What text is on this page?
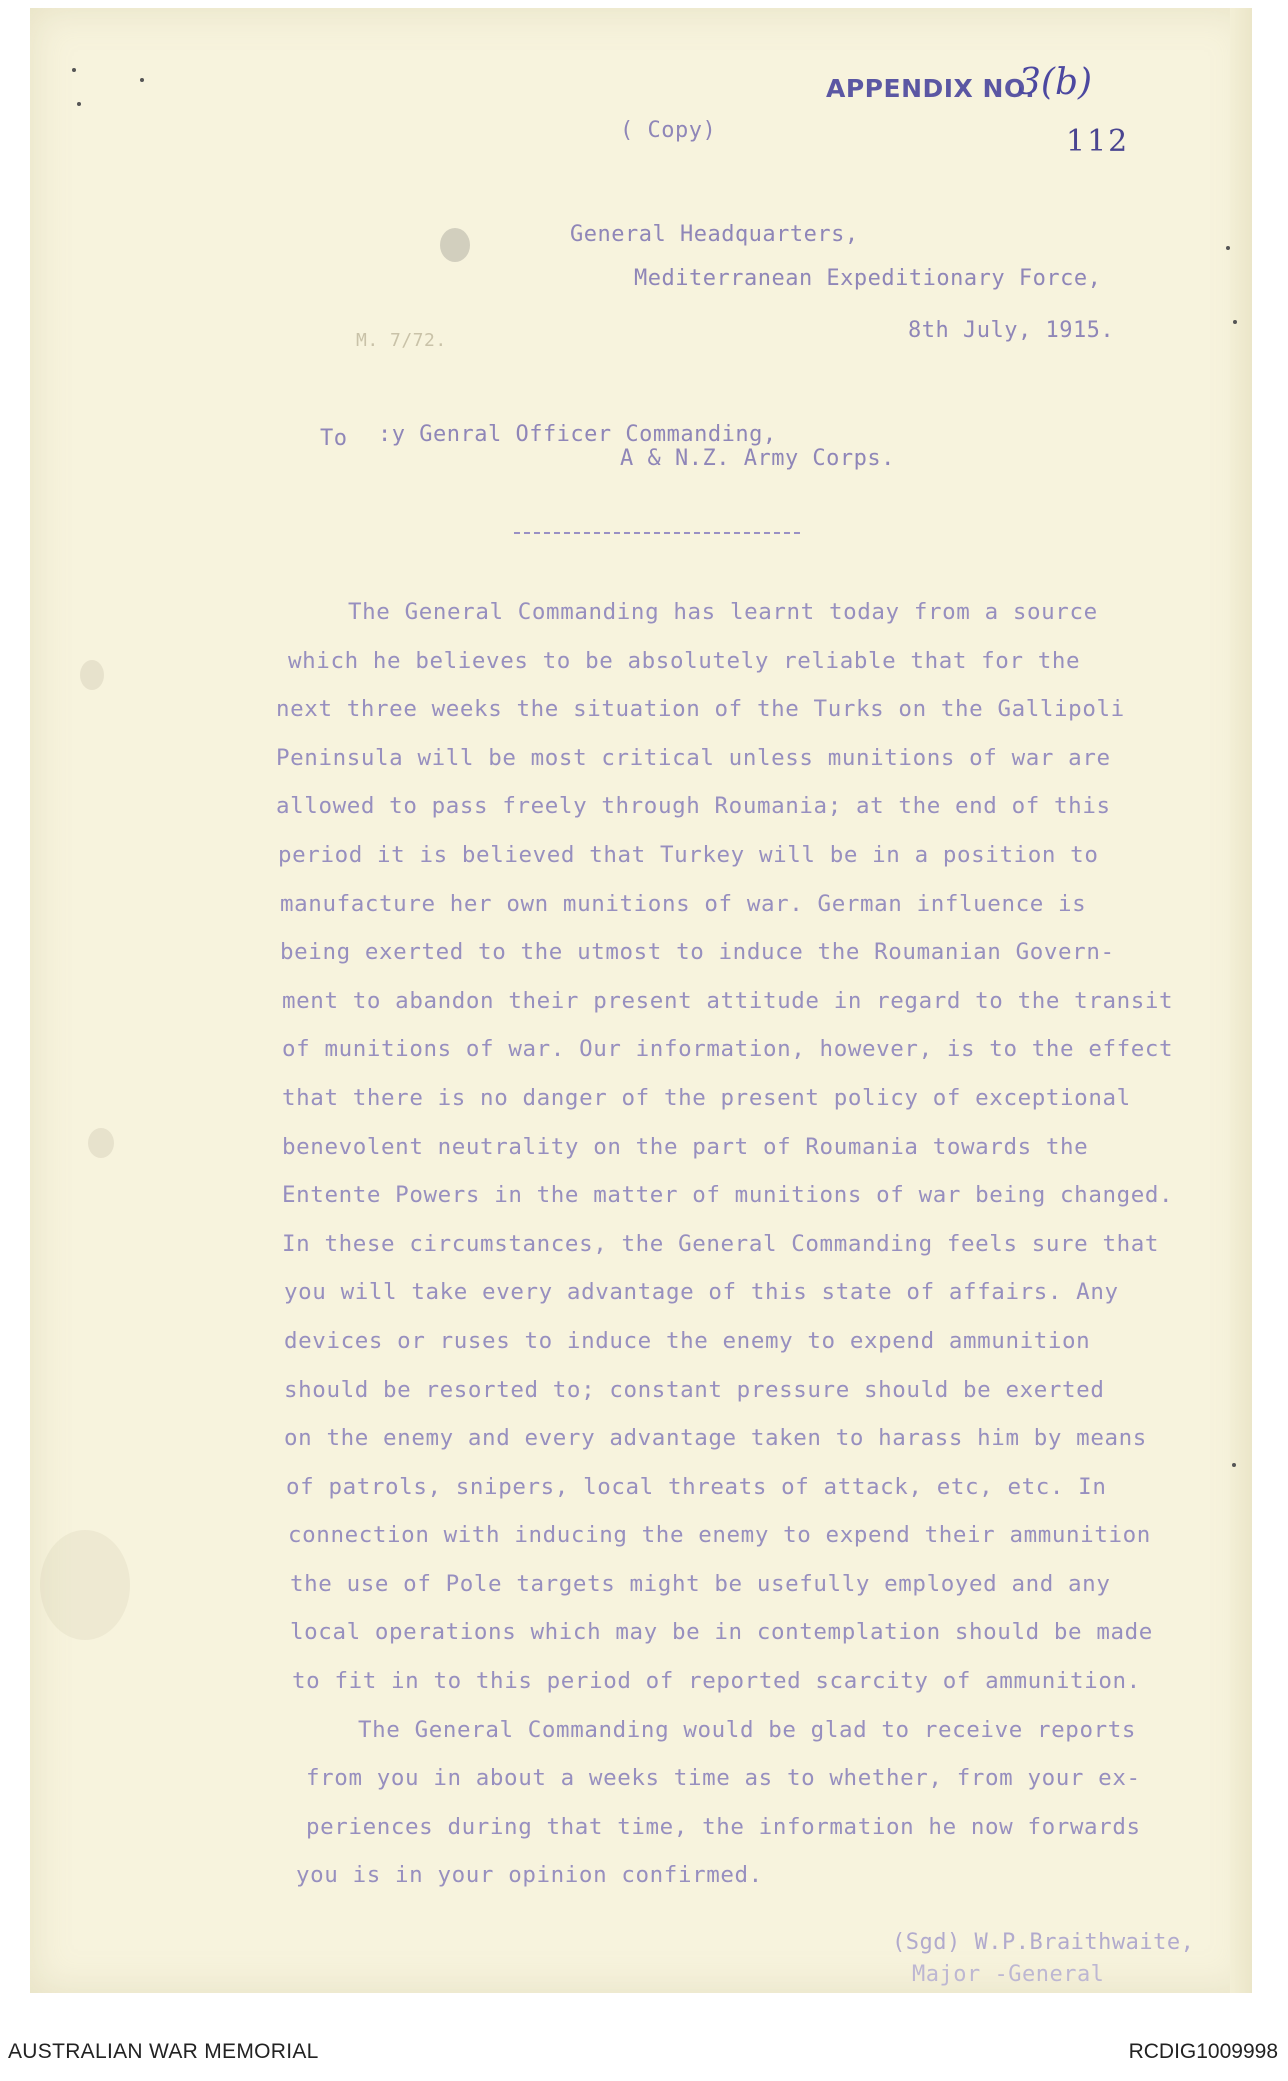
APPENDIX NO.
3(b)
112
( Copy)
General Headquarters,
Mediterranean Expeditionary Force,
8th July, 1915.
M. 7/72.
To :y Genral Officer Commanding,
A & N.Z. Army Corps.
The General Commanding has learnt today from a source
which he believes to be absolutely reliable that for the
next three weeks the situation of the Turks on the Gallipoli
Peninsula will be most critical unless munitions of war are
allowed to pass freely through Roumania; at the end of this
period it is believed that Turkey will be in a position to
manufacture her own munitions of war. German influence is
being exerted to the utmost to induce the Roumanian Govern-
ment to abandon their present attitude in regard to the transit
of munitions of war. Our information, however, is to the effect
that there is no danger of the present policy of exceptional
benevolent neutrality on the part of Roumania towards the
Entente Powers in the matter of munitions of war being changed.
In these circumstances, the General Commanding feels sure that
you will take every advantage of this state of affairs. Any
devices or ruses to induce the enemy to expend ammunition
should be resorted to; constant pressure should be exerted
on the enemy and every advantage taken to harass him by means
of patrols, snipers, local threats of attack, etc, etc. In
connection with inducing the enemy to expend their ammunition
the use of Pole targets might be usefully employed and any
local operations which may be in contemplation should be made
to fit in to this period of reported scarcity of ammunition.
The General Commanding would be glad to receive reports
from you in about a weeks time as to whether, from your ex-
periences during that time, the information he now forwards
you is in your opinion confirmed.
(Sgd) W.P.Braithwaite,
Major -General
AUSTRALIAN WAR MEMORIAL	RCDIG1009998
